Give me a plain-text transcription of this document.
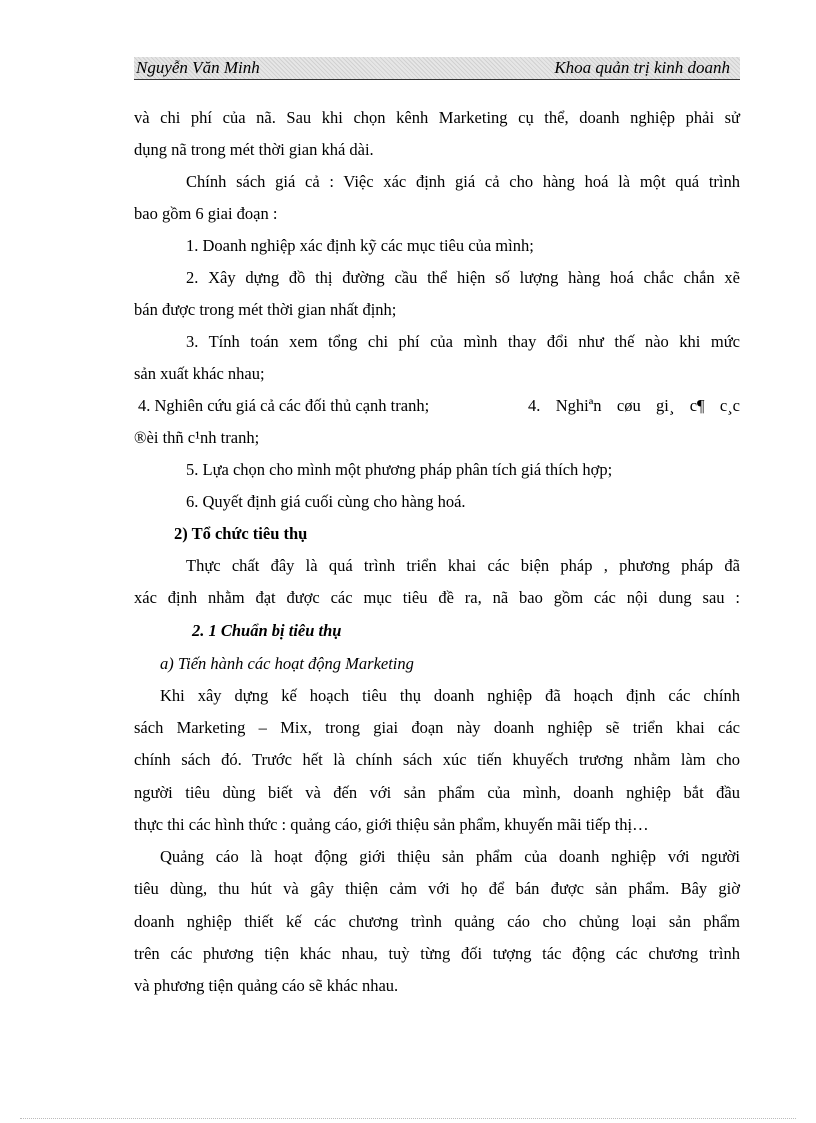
Nguyễn Văn Minh	Khoa quản trị kinh doanh
và chi phí của nã. Sau khi chọn kênh Marketing cụ thể, doanh nghiệp phải sử
dụng nã trong mét thời gian khá dài.
Chính sách giá cả : Việc xác định giá cả cho hàng hoá là một quá trình
bao gồm 6 giai đoạn :
1. Doanh nghiệp xác định kỹ các mục tiêu của mình;
2. Xây dựng đồ thị đường cầu thể hiện số lượng hàng hoá chắc chắn xẽ
bán được trong mét thời gian nhất định;
3. Tính toán xem tổng chi phí của mình thay đổi như thế nào khi mức
sản xuất khác nhau;
4. Nghiên cứu giá cả các đối thủ cạnh tranh;	4. Nghiªn cøu gi¸ c¶ c¸c
®èi thñ c¹nh tranh;
5. Lựa chọn cho mình một phương pháp phân tích giá thích hợp;
6. Quyết định giá cuối cùng cho hàng hoá.
2) Tổ chức tiêu thụ
Thực chất đây là quá trình triển khai các biện pháp , phương pháp đã
xác định nhằm đạt được các mục tiêu đề ra, nã bao gồm các nội dung sau :
2. 1 Chuẩn bị tiêu thụ
a) Tiến hành các hoạt động Marketing
Khi xây dựng kế hoạch tiêu thụ doanh nghiệp đã hoạch định các chính
sách Marketing – Mix, trong giai đoạn này doanh nghiệp sẽ triển khai các
chính sách đó. Trước hết là chính sách xúc tiến khuyếch trương nhằm làm cho
người tiêu dùng biết và đến với sản phẩm của mình, doanh nghiệp bắt đầu
thực thi các hình thức : quảng cáo, giới thiệu sản phẩm, khuyến mãi tiếp thị…
Quảng cáo là hoạt động giới thiệu sản phẩm của doanh nghiệp với người
tiêu dùng, thu hút và gây thiện cảm với họ để bán được sản phẩm. Bây giờ
doanh nghiệp thiết kế các chương trình quảng cáo cho chủng loại sản phẩm
trên các phương tiện khác nhau, tuỳ từng đối tượng tác động các chương trình
và phương tiện quảng cáo sẽ khác nhau.
